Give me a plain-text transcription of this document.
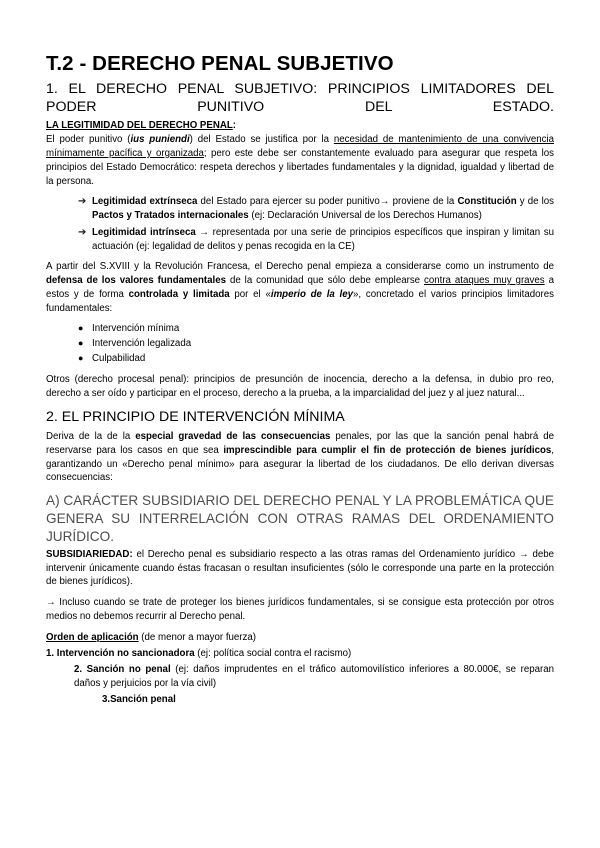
T.2 - DERECHO PENAL SUBJETIVO
1. EL DERECHO PENAL SUBJETIVO: PRINCIPIOS LIMITADORES DEL PODER PUNITIVO DEL ESTADO.

LA LEGITIMIDAD DEL DERECHO PENAL:
El poder punitivo (ius puniendi) del Estado se justifica por la necesidad de mantenimiento de una convivencia mínimamente pacífica y organizada; pero este debe ser constantemente evaluado para asegurar que respeta los principios del Estado Democrático: respeta derechos y libertades fundamentales y la dignidad, igualdad y libertad de la persona.

➔ Legitimidad extrínseca del Estado para ejercer su poder punitivo→ proviene de la Constitución y de los Pactos y Tratados internacionales (ej: Declaración Universal de los Derechos Humanos)
➔ Legitimidad intrínseca → representada por una serie de principios específicos que inspiran y limitan su actuación (ej: legalidad de delitos y penas recogida en la CE)

A partir del S.XVIII y la Revolución Francesa, el Derecho penal empieza a considerarse como un instrumento de defensa de los valores fundamentales de la comunidad que sólo debe emplearse contra ataques muy graves a estos y de forma controlada y limitada por el «imperio de la ley», concretado el varios principios limitadores fundamentales:

● Intervención mínima
● Intervención legalizada
● Culpabilidad

Otros (derecho procesal penal): principios de presunción de inocencia, derecho a la defensa, in dubio pro reo, derecho a ser oído y participar en el proceso, derecho a la prueba, a la imparcialidad del juez y al juez natural...

2. EL PRINCIPIO DE INTERVENCIÓN MÍNIMA

Deriva de la de la especial gravedad de las consecuencias penales, por las que la sanción penal habrá de reservarse para los casos en que sea imprescindible para cumplir el fin de protección de bienes jurídicos, garantizando un «Derecho penal mínimo» para asegurar la libertad de los ciudadanos. De ello derivan diversas consecuencias:

A) CARÁCTER SUBSIDIARIO DEL DERECHO PENAL Y LA PROBLEMÁTICA QUE GENERA SU INTERRELACIÓN CON OTRAS RAMAS DEL ORDENAMIENTO JURÍDICO.

SUBSIDIARIEDAD: el Derecho penal es subsidiario respecto a las otras ramas del Ordenamiento jurídico → debe intervenir únicamente cuando éstas fracasan o resultan insuficientes (sólo le corresponde una parte en la protección de bienes jurídicos).

→ Incluso cuando se trate de proteger los bienes jurídicos fundamentales, si se consigue esta protección por otros medios no debemos recurrir al Derecho penal.

Orden de aplicación (de menor a mayor fuerza)
1. Intervención no sancionadora (ej: política social contra el racismo)
2. Sanción no penal (ej: daños imprudentes en el tráfico automovilístico inferiores a 80.000€, se reparan daños y perjuicios por la vía civil)
3.Sanción penal
